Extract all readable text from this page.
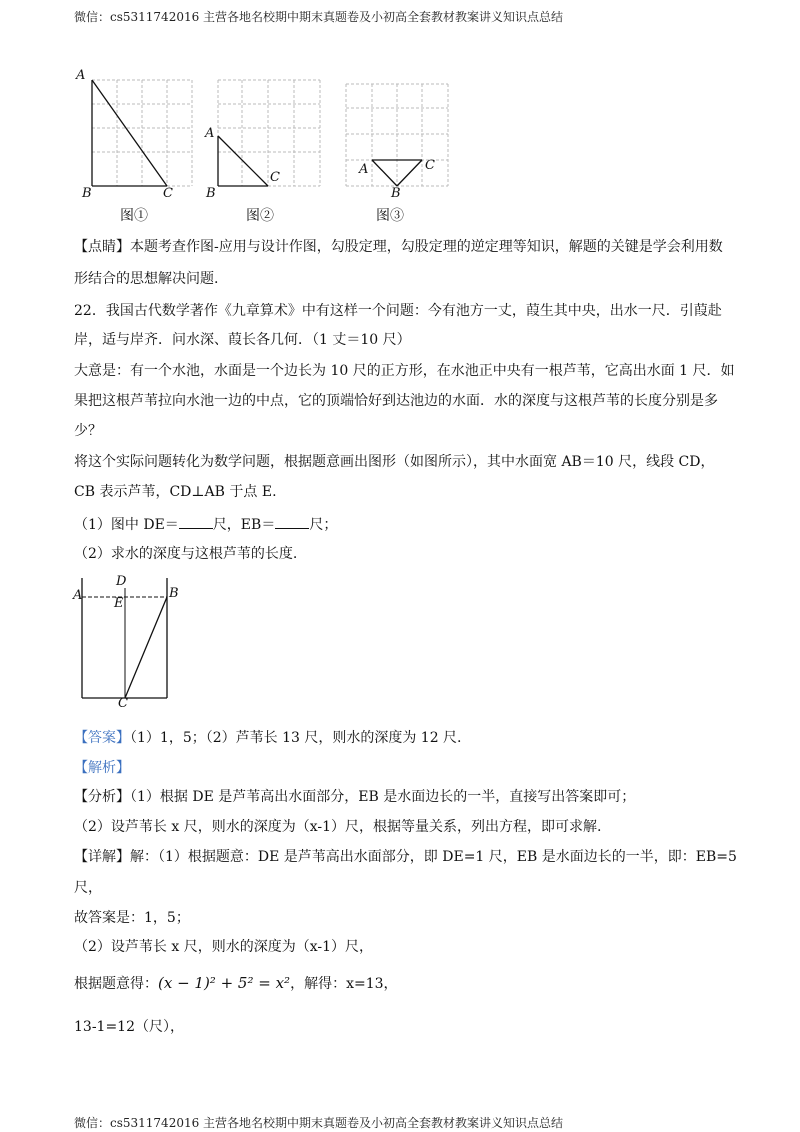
微信：cs5311742016 主营各地名校期中期末真题卷及小初高全套教材教案讲义知识点总结
A
B	C
图①
A
B
C
图②
A
B
C
图③
【点睛】本题考查作图-应用与设计作图，勾股定理，勾股定理的逆定理等知识，解题的关键是学会利用数
形结合的思想解决问题.
22．我国古代数学著作《九章算术》中有这样一个问题：今有池方一丈，葭生其中央，出水一尺．引葭赴
岸，适与岸齐．问水深、葭长各几何．（1 丈＝10 尺）
大意是：有一个水池，水面是一个边长为 10 尺的正方形，在水池正中央有一根芦苇，它高出水面 1 尺．如
果把这根芦苇拉向水池一边的中点，它的顶端恰好到达池边的水面．水的深度与这根芦苇的长度分别是多
少？
将这个实际问题转化为数学问题，根据题意画出图形（如图所示），其中水面宽 AB＝10 尺，线段 CD，
CB 表示芦苇，CD⊥AB 于点 E.
（1）图中 DE＝ 尺，EB＝ 尺；
（2）求水的深度与这根芦苇的长度.
D
A
E
B
C
【答案】（1）1，5；（2）芦苇长 13 尺，则水的深度为 12 尺.
【解析】
【分析】（1）根据 DE 是芦苇高出水面部分，EB 是水面边长的一半，直接写出答案即可；
（2）设芦苇长 x 尺，则水的深度为（x-1）尺，根据等量关系，列出方程，即可求解.
【详解】解：（1）根据题意：DE 是芦苇高出水面部分，即 DE=1 尺，EB 是水面边长的一半，即：EB=5
尺，
故答案是：1，5；
（2）设芦苇长 x 尺，则水的深度为（x-1）尺，
根据题意得：(x − 1)² + 5² = x²，解得：x=13，
13-1=12（尺），
微信：cs5311742016 主营各地名校期中期末真题卷及小初高全套教材教案讲义知识点总结
